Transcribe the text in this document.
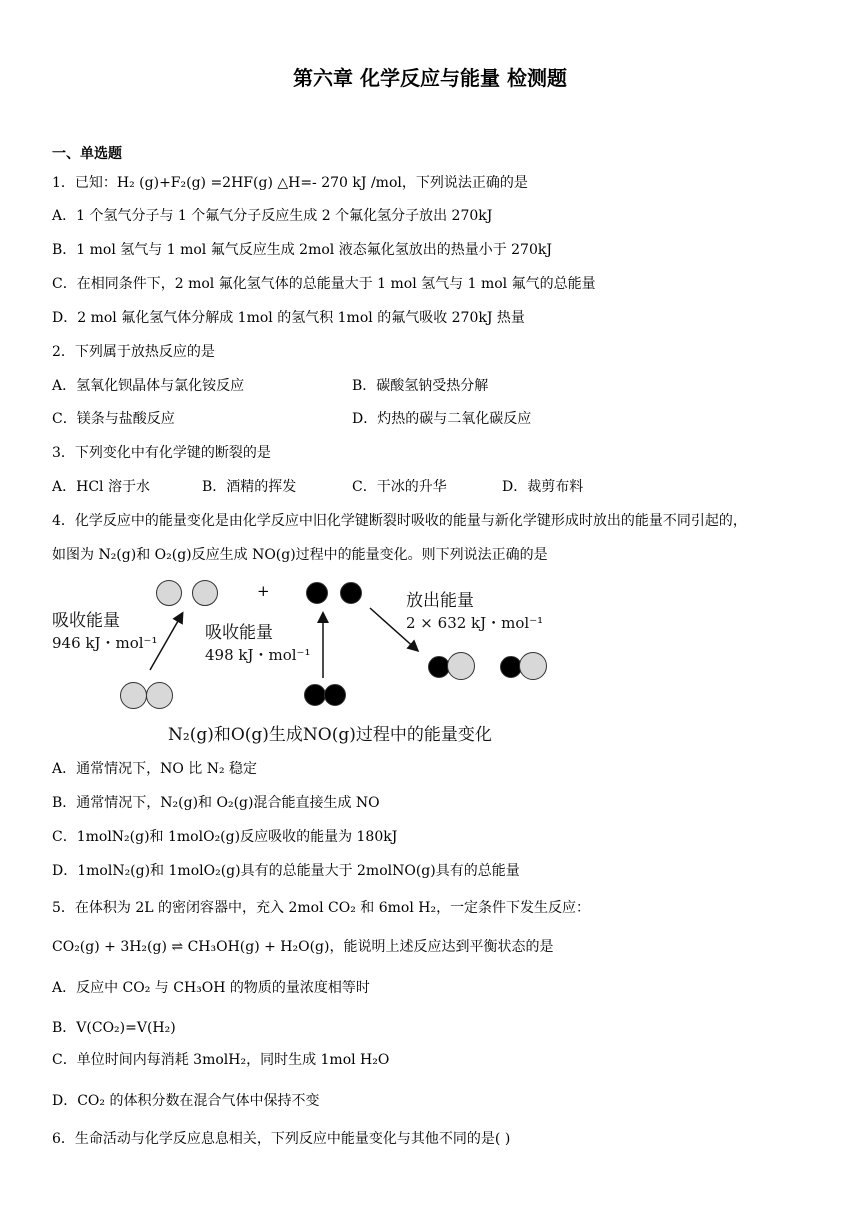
第六章 化学反应与能量 检测题
一、单选题
1．已知：H₂ (g)+F₂(g) =2HF(g) △H=- 270 kJ /mol，下列说法正确的是
A．1 个氢气分子与 1 个氟气分子反应生成 2 个氟化氢分子放出 270kJ
B．1 mol 氢气与 1 mol 氟气反应生成 2mol 液态氟化氢放出的热量小于 270kJ
C．在相同条件下，2 mol 氟化氢气体的总能量大于 1 mol 氢气与 1 mol 氟气的总能量
D．2 mol 氟化氢气体分解成 1mol 的氢气积 1mol 的氟气吸收 270kJ 热量
2．下列属于放热反应的是
A．氢氧化钡晶体与氯化铵反应	B．碳酸氢钠受热分解
C．镁条与盐酸反应	D．灼热的碳与二氧化碳反应
3．下列变化中有化学键的断裂的是
A．HCl 溶于水	B．酒精的挥发	C．干冰的升华	D．裁剪布料
4．化学反应中的能量变化是由化学反应中旧化学键断裂时吸收的能量与新化学键形成时放出的能量不同引起的，
如图为 N₂(g)和 O₂(g)反应生成 NO(g)过程中的能量变化。则下列说法正确的是
+
吸收能量
946 kJ・mol⁻¹	吸收能量
498 kJ・mol⁻¹
放出能量
2 × 632 kJ・mol⁻¹
N₂(g)和O(g)生成NO(g)过程中的能量变化
A．通常情况下，NO 比 N₂ 稳定
B．通常情况下，N₂(g)和 O₂(g)混合能直接生成 NO
C．1molN₂(g)和 1molO₂(g)反应吸收的能量为 180kJ
D．1molN₂(g)和 1molO₂(g)具有的总能量大于 2molNO(g)具有的总能量
5．在体积为 2L 的密闭容器中，充入 2mol CO₂ 和 6mol H₂，一定条件下发生反应：
CO₂(g) + 3H₂(g) ⇌ CH₃OH(g) + H₂O(g)，能说明上述反应达到平衡状态的是
A．反应中 CO₂ 与 CH₃OH 的物质的量浓度相等时
B．V(CO₂)=V(H₂)
C．单位时间内每消耗 3molH₂，同时生成 1mol H₂O
D．CO₂ 的体积分数在混合气体中保持不变
6．生命活动与化学反应息息相关，下列反应中能量变化与其他不同的是( )
